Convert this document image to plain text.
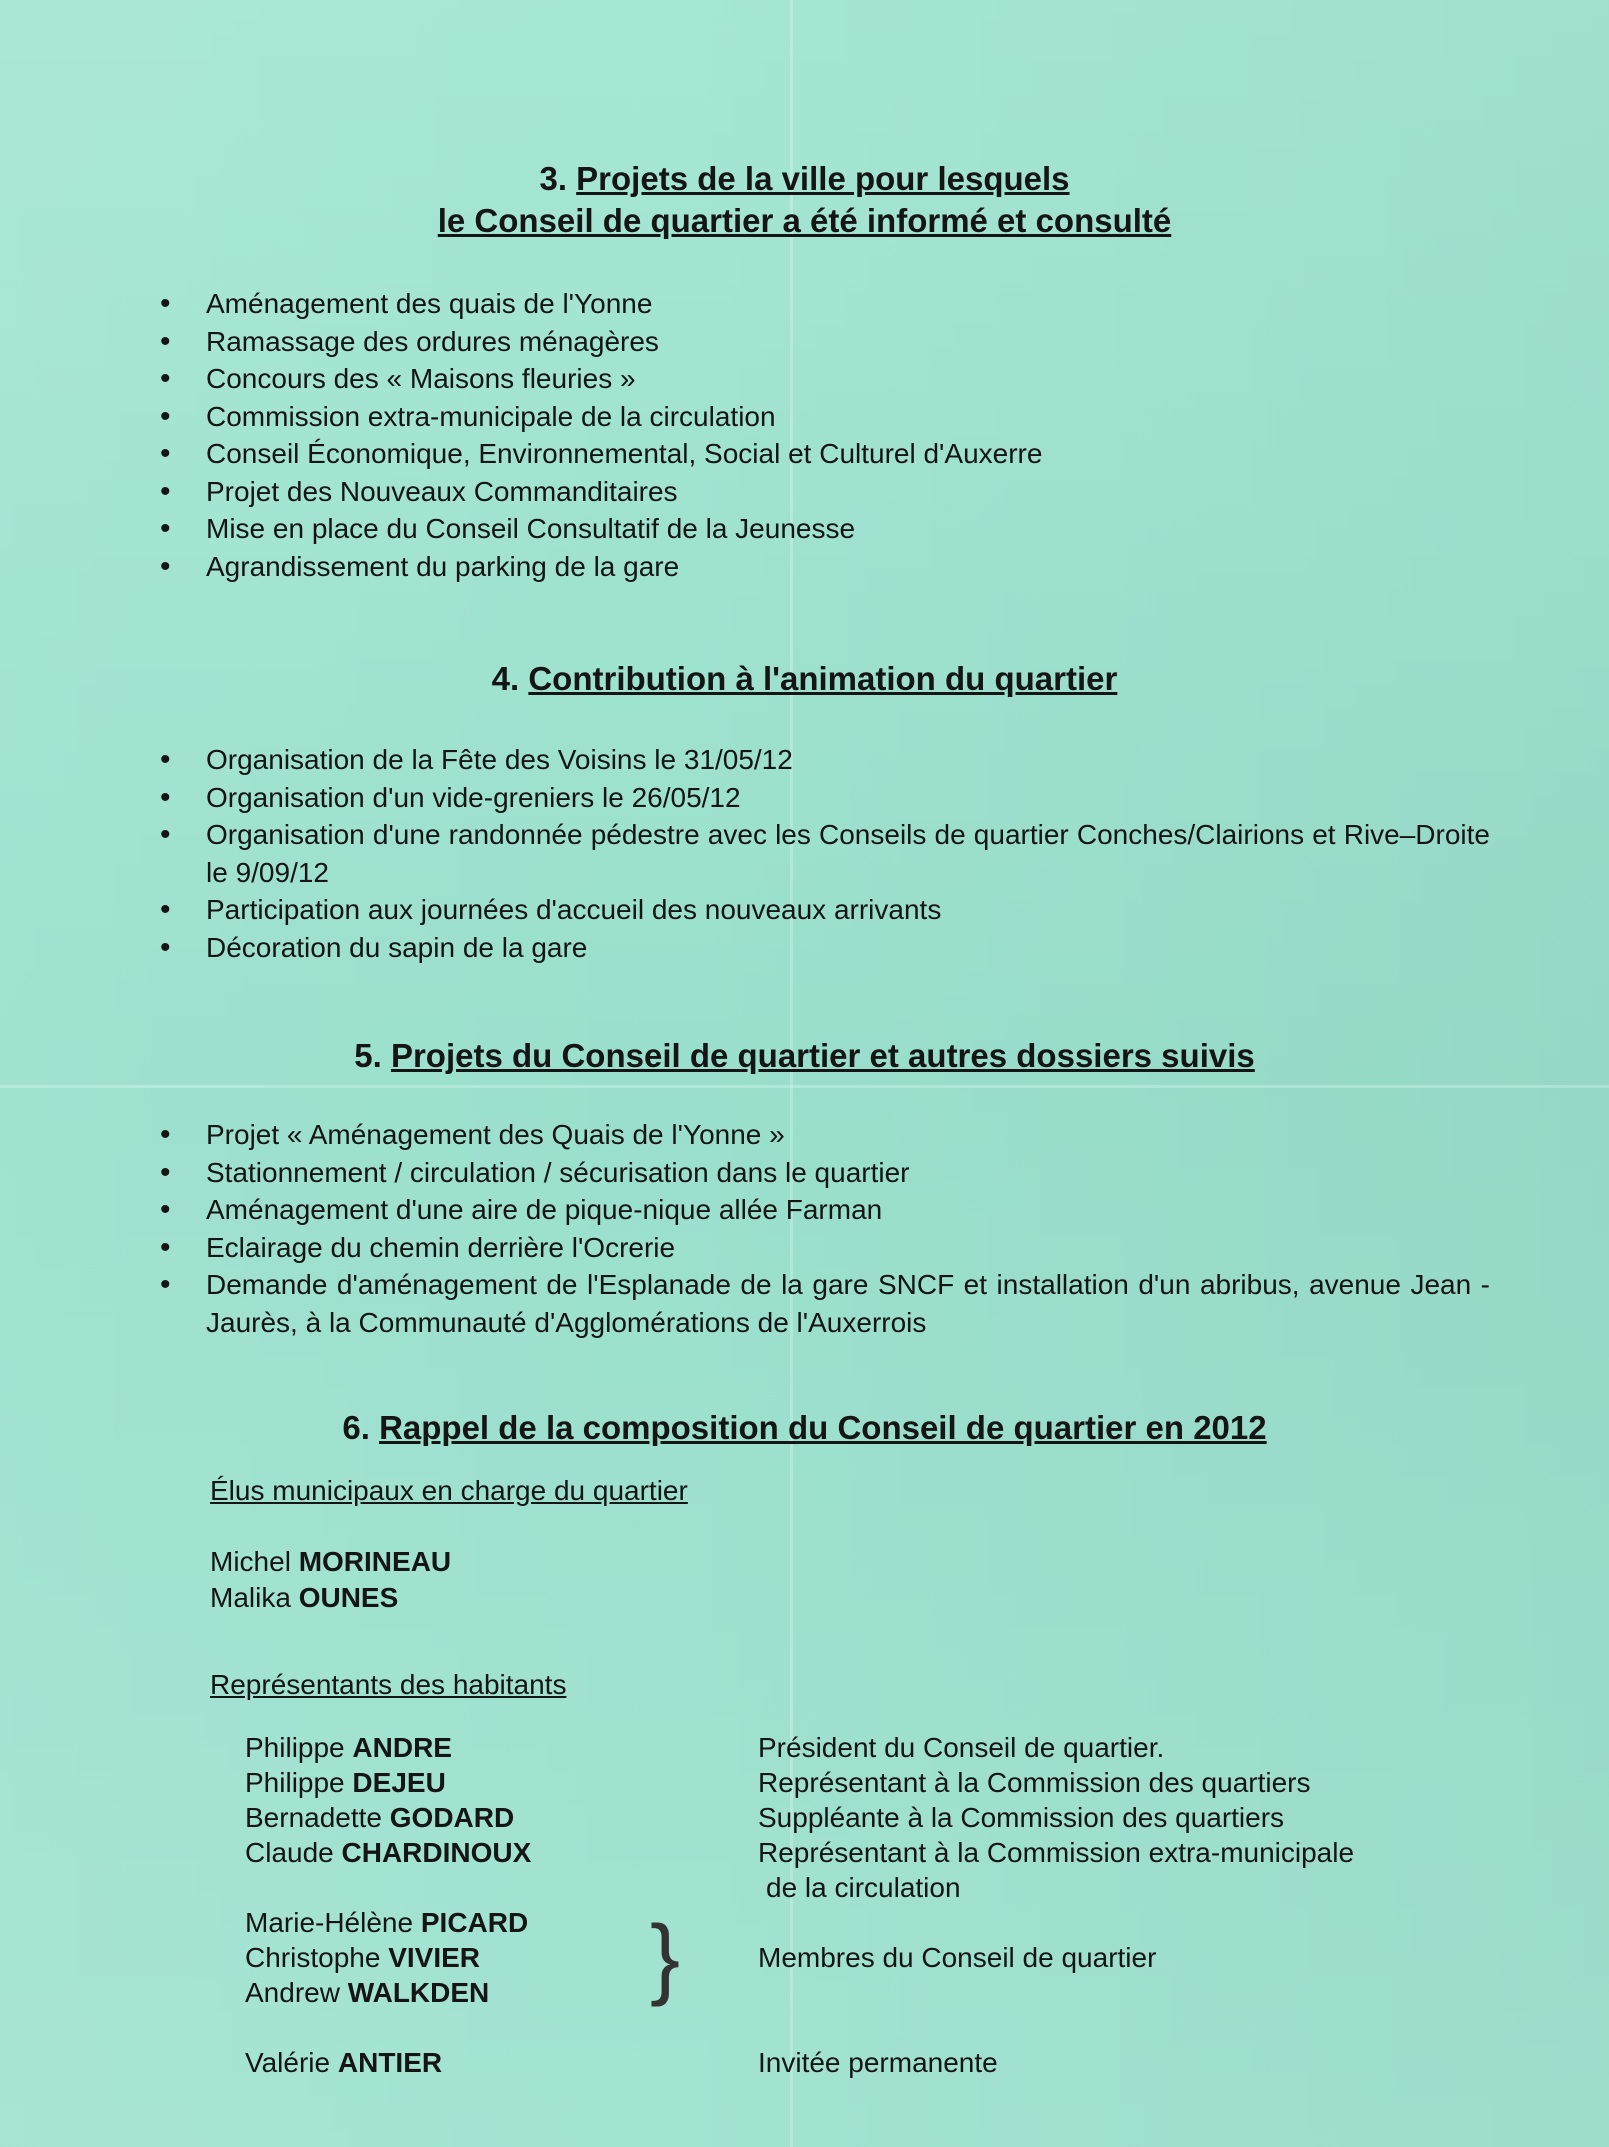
3. Projets de la ville pour lesquels
le Conseil de quartier a été informé et consulté
• Aménagement des quais de l'Yonne
• Ramassage des ordures ménagères
• Concours des « Maisons fleuries »
• Commission extra-municipale de la circulation
• Conseil Économique, Environnemental, Social et Culturel d'Auxerre
• Projet des Nouveaux Commanditaires
• Mise en place du Conseil Consultatif de la Jeunesse
• Agrandissement du parking de la gare
4. Contribution à l'animation du quartier
• Organisation de la Fête des Voisins le 31/05/12
• Organisation d'un vide-greniers le 26/05/12
• Organisation d'une randonnée pédestre avec les Conseils de quartier Conches/Clairions et Rive–Droite le 9/09/12
• Participation aux journées d'accueil des nouveaux arrivants
• Décoration du sapin de la gare
5. Projets du Conseil de quartier et autres dossiers suivis
• Projet « Aménagement des Quais de l'Yonne »
• Stationnement / circulation / sécurisation dans le quartier
• Aménagement d'une aire de pique-nique allée Farman
• Eclairage du chemin derrière l'Ocrerie
• Demande d'aménagement de l'Esplanade de la gare SNCF et installation d'un abribus, avenue Jean -Jaurès, à la Communauté d'Agglomérations de l'Auxerrois
6. Rappel de la composition du Conseil de quartier en 2012
Élus municipaux en charge du quartier
Michel MORINEAU
Malika OUNES
Représentants des habitants
Philippe ANDRE	Président du Conseil de quartier.
Philippe DEJEU	Représentant à la Commission des quartiers
Bernadette GODARD	Suppléante à la Commission des quartiers
Claude CHARDINOUX	Représentant à la Commission extra-municipale
de la circulation
Marie-Hélène PICARD
Christophe VIVIER
Andrew WALKDEN }	Membres du Conseil de quartier
Valérie ANTIER	Invitée permanente
